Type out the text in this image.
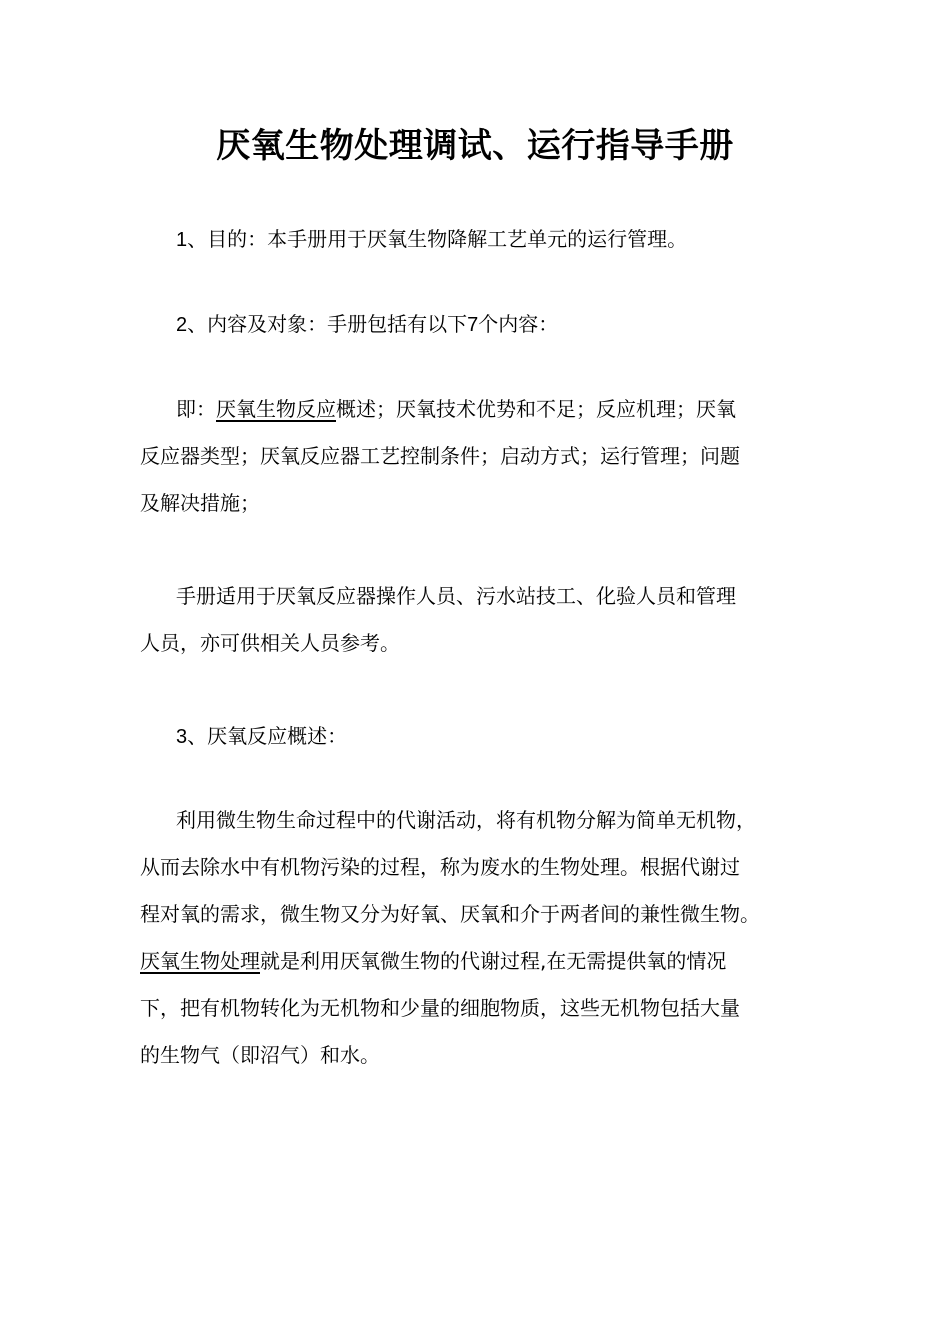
厌氧生物处理调试、运行指导手册

1、目的：本手册用于厌氧生物降解工艺单元的运行管理。

2、内容及对象：手册包括有以下7个内容：

即：厌氧生物反应概述；厌氧技术优势和不足；反应机理；厌氧
反应器类型；厌氧反应器工艺控制条件；启动方式；运行管理；问题
及解决措施；

手册适用于厌氧反应器操作人员、污水站技工、化验人员和管理
人员，亦可供相关人员参考。

3、厌氧反应概述：

利用微生物生命过程中的代谢活动，将有机物分解为简单无机物，
从而去除水中有机物污染的过程，称为废水的生物处理。根据代谢过
程对氧的需求，微生物又分为好氧、厌氧和介于两者间的兼性微生物。
厌氧生物处理就是利用厌氧微生物的代谢过程,在无需提供氧的情况
下，把有机物转化为无机物和少量的细胞物质，这些无机物包括大量
的生物气（即沼气）和水。
